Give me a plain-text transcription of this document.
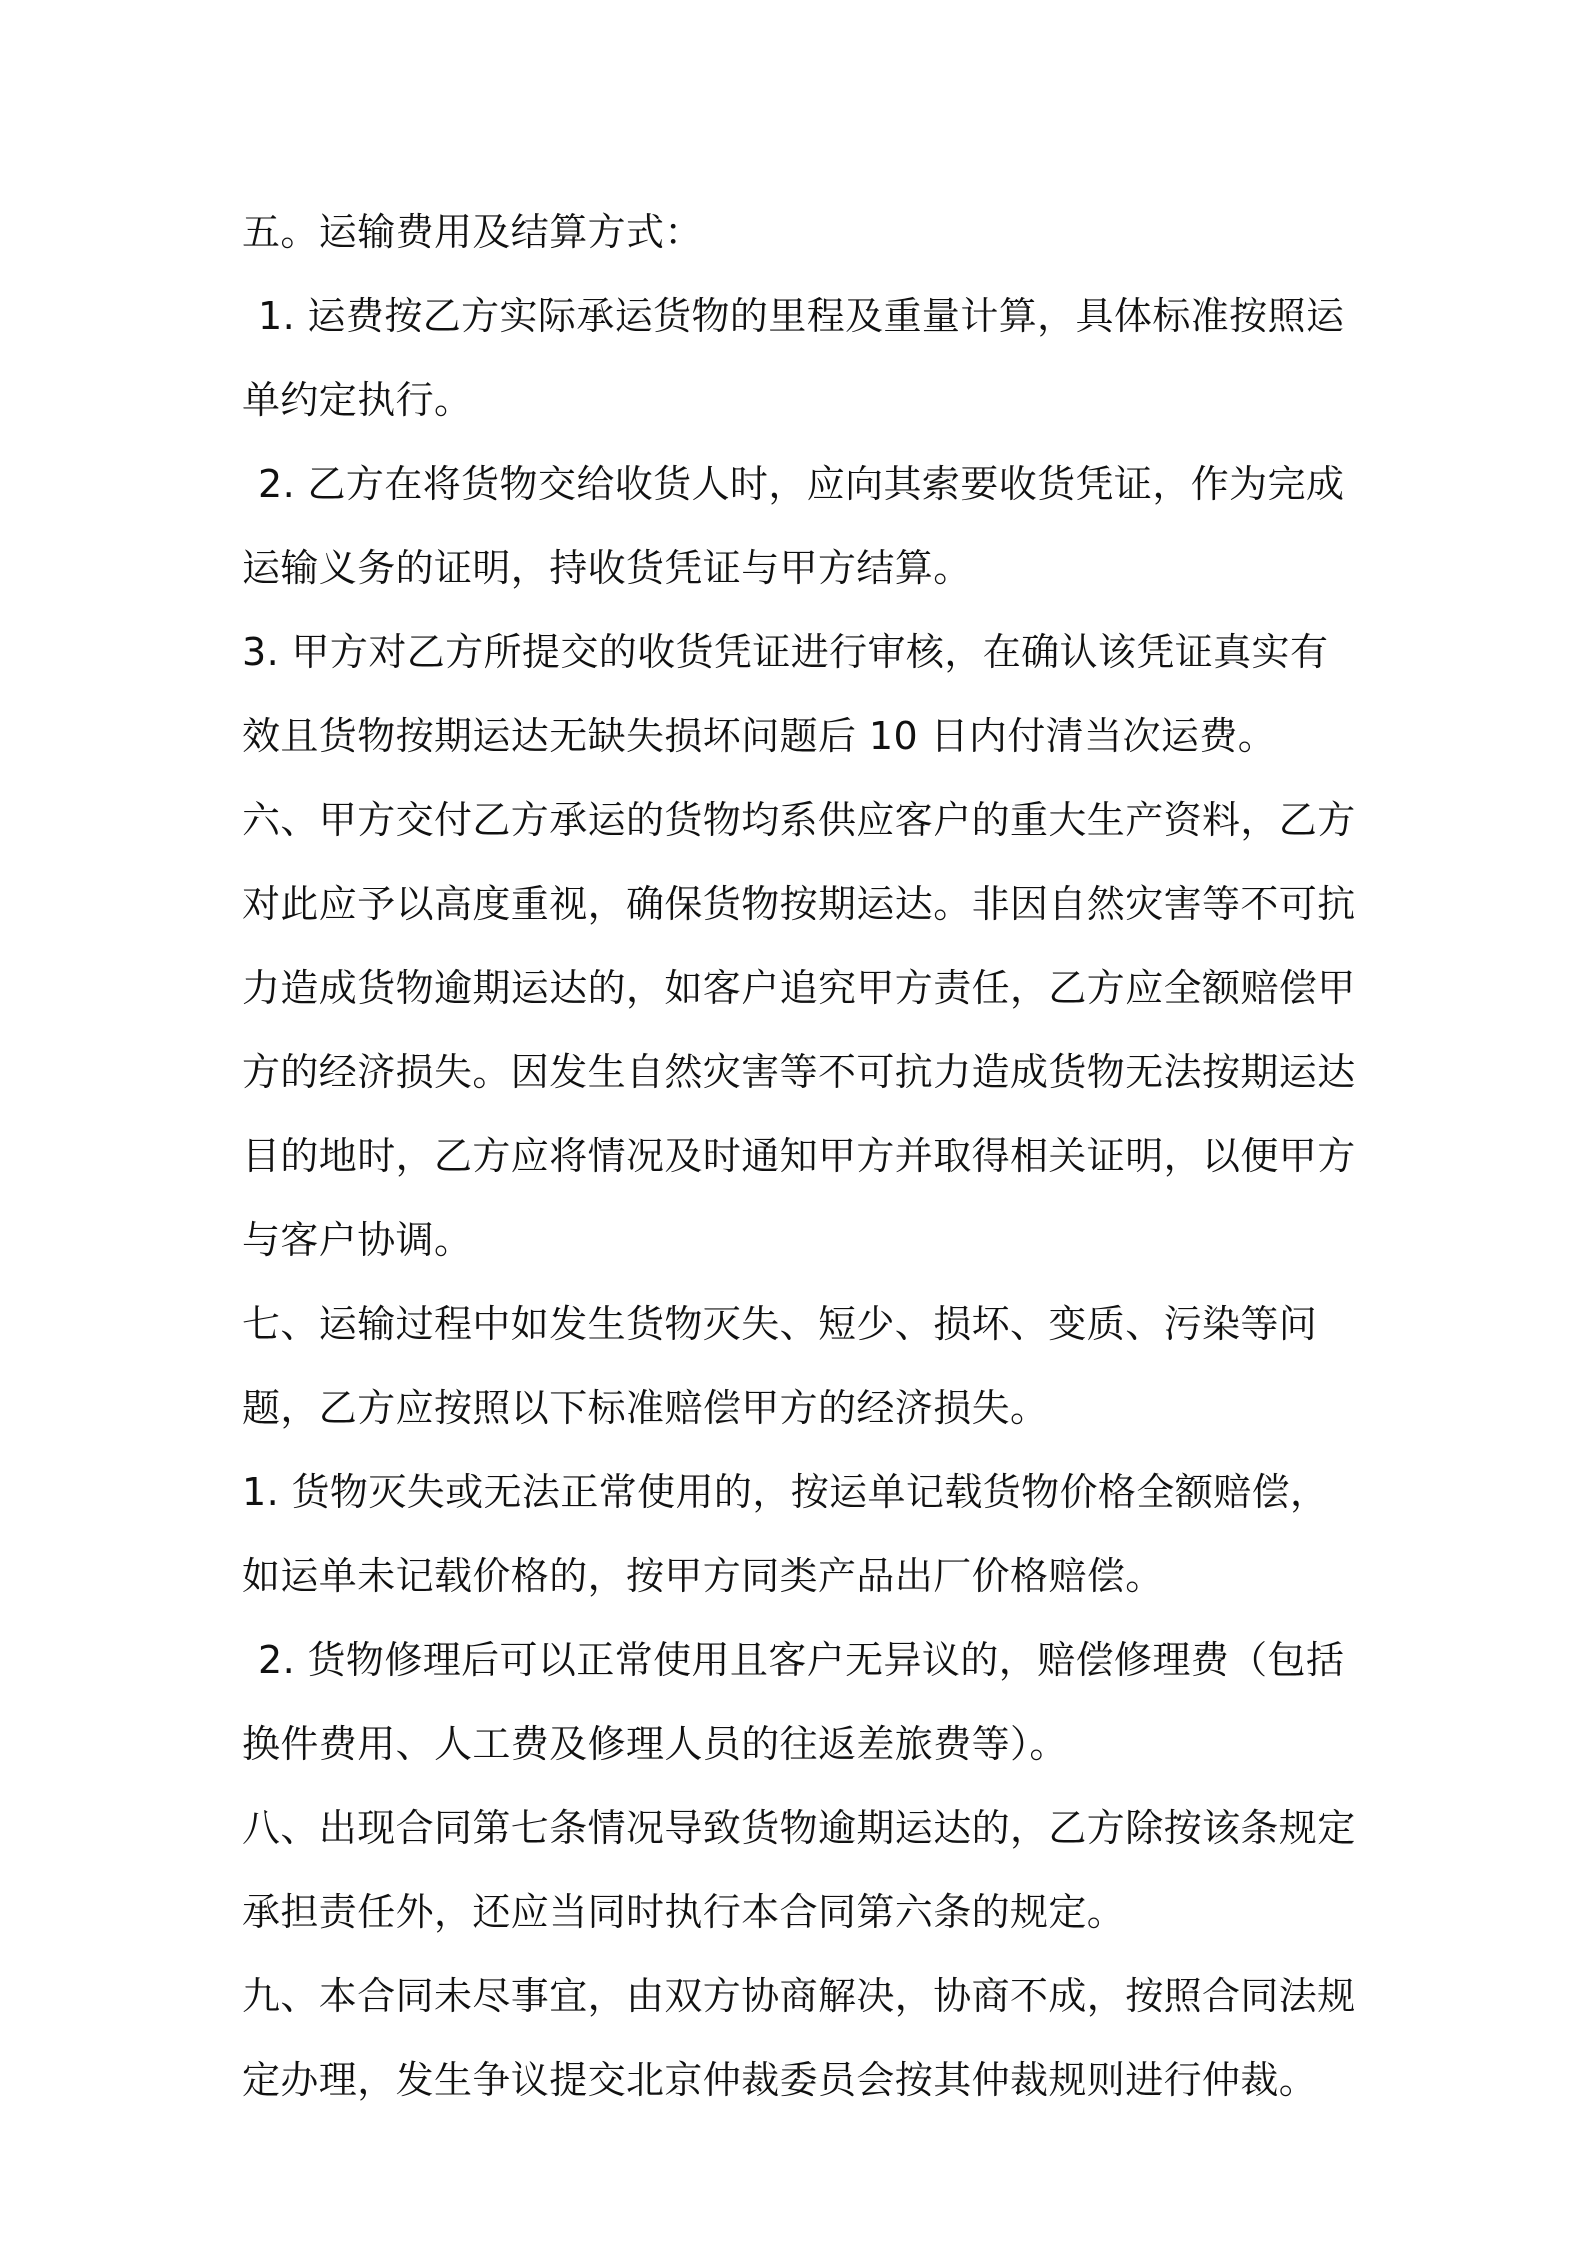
五。运输费用及结算方式：

1. 运费按乙方实际承运货物的里程及重量计算，具体标准按照运单约定执行。

2. 乙方在将货物交给收货人时，应向其索要收货凭证，作为完成运输义务的证明，持收货凭证与甲方结算。

3. 甲方对乙方所提交的收货凭证进行审核，在确认该凭证真实有效且货物按期运达无缺失损坏问题后 10 日内付清当次运费。

六、甲方交付乙方承运的货物均系供应客户的重大生产资料，乙方对此应予以高度重视，确保货物按期运达。非因自然灾害等不可抗力造成货物逾期运达的，如客户追究甲方责任，乙方应全额赔偿甲方的经济损失。因发生自然灾害等不可抗力造成货物无法按期运达目的地时，乙方应将情况及时通知甲方并取得相关证明，以便甲方与客户协调。

七、运输过程中如发生货物灭失、短少、损坏、变质、污染等问题，乙方应按照以下标准赔偿甲方的经济损失。

1. 货物灭失或无法正常使用的，按运单记载货物价格全额赔偿，如运单未记载价格的，按甲方同类产品出厂价格赔偿。

2. 货物修理后可以正常使用且客户无异议的，赔偿修理费（包括换件费用、人工费及修理人员的往返差旅费等）。

八、出现合同第七条情况导致货物逾期运达的，乙方除按该条规定承担责任外，还应当同时执行本合同第六条的规定。

九、本合同未尽事宜，由双方协商解决，协商不成，按照合同法规定办理，发生争议提交北京仲裁委员会按其仲裁规则进行仲裁。
